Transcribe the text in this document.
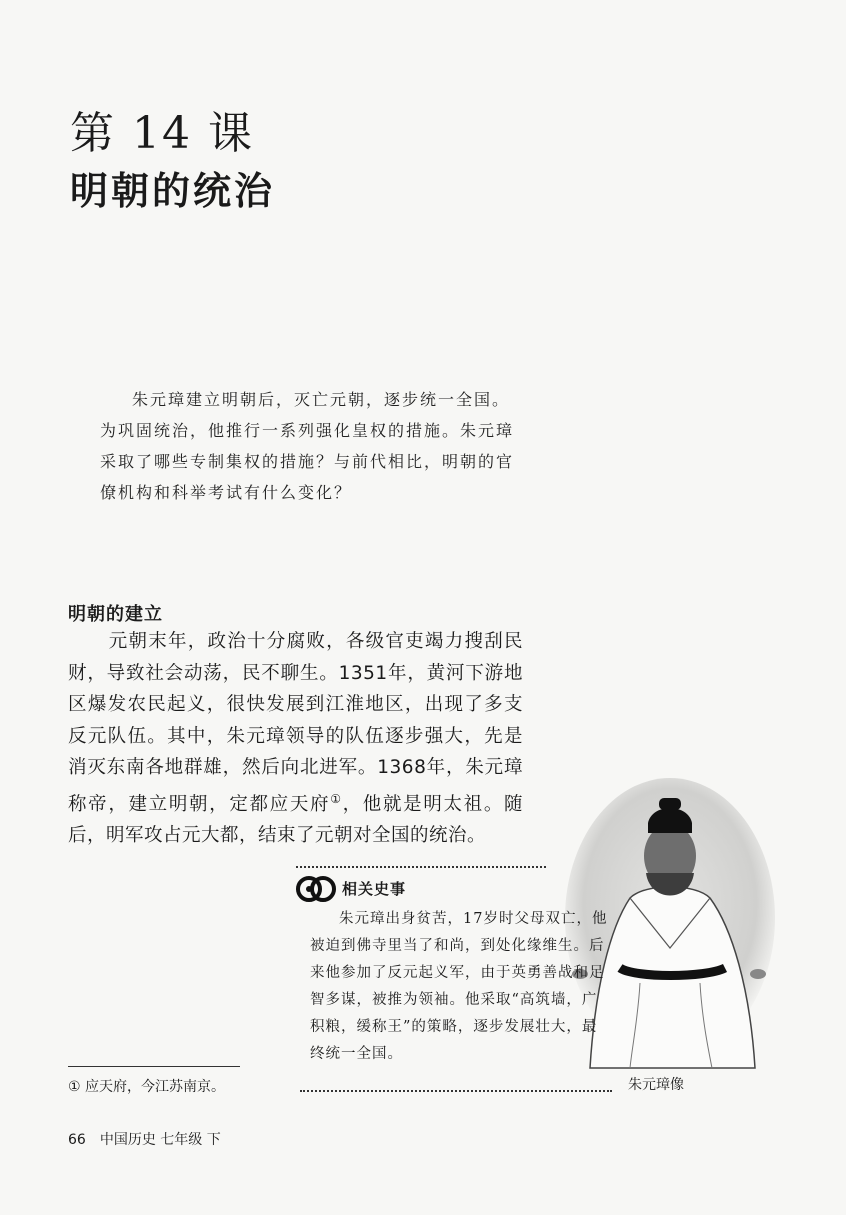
第 14 课
明朝的统治
朱元璋建立明朝后，灭亡元朝，逐步统一全国。为巩固统治，他推行一系列强化皇权的措施。朱元璋采取了哪些专制集权的措施？与前代相比，明朝的官僚机构和科举考试有什么变化？
明朝的建立
元朝末年，政治十分腐败，各级官吏竭力搜刮民财，导致社会动荡，民不聊生。1351年，黄河下游地区爆发农民起义，很快发展到江淮地区，出现了多支反元队伍。其中，朱元璋领导的队伍逐步强大，先是消灭东南各地群雄，然后向北进军。1368年，朱元璋称帝，建立明朝，定都应天府①，他就是明太祖。随后，明军攻占元大都，结束了元朝对全国的统治。
朱元璋像
相关史事
朱元璋出身贫苦，17岁时父母双亡，他被迫到佛寺里当了和尚，到处化缘维生。后来他参加了反元起义军，由于英勇善战和足智多谋，被推为领袖。他采取“高筑墙，广积粮，缓称王”的策略，逐步发展壮大，最终统一全国。
① 应天府，今江苏南京。
66 中国历史 七年级 下
